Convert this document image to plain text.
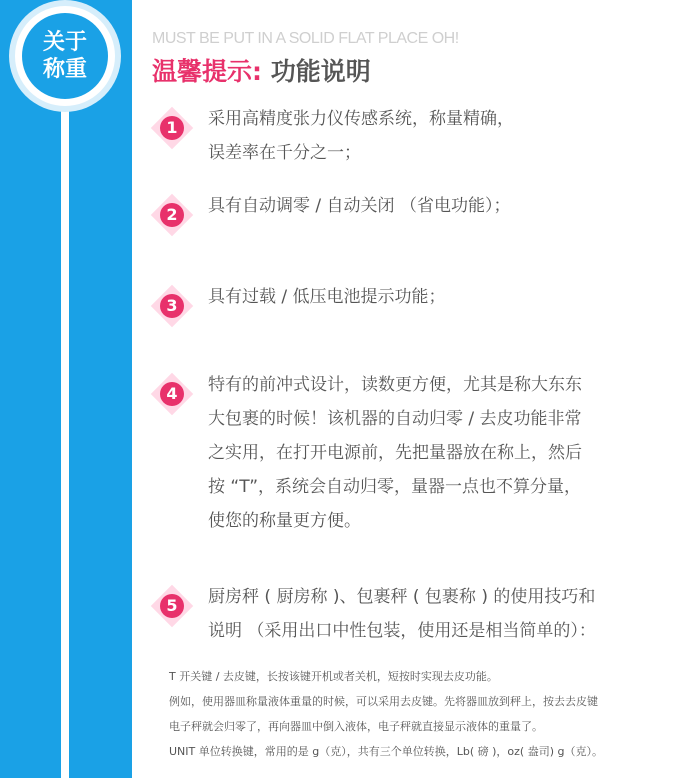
关于
称重
MUST BE PUT IN A SOLID FLAT PLACE OH!
温馨提示: 功能说明
1	采用高精度张力仪传感系统，称量精确，
误差率在千分之一；
2	具有自动调零 / 自动关闭 （省电功能）；
3	具有过载 / 低压电池提示功能；
4	特有的前冲式设计，读数更方便，尤其是称大东东
大包裹的时候！该机器的自动归零 / 去皮功能非常
之实用，在打开电源前，先把量器放在称上，然后
按 “T”，系统会自动归零，量器一点也不算分量，
使您的称量更方便。
5	厨房秤 ( 厨房称 )、包裹秤 ( 包裹称 ) 的使用技巧和
说明 （采用出口中性包装，使用还是相当简单的）：
T 开关键 / 去皮键，长按该键开机或者关机，短按时实现去皮功能。
例如，使用器皿称量液体重量的时候，可以采用去皮键。先将器皿放到秤上，按去去皮键
电子秤就会归零了，再向器皿中倒入液体，电子秤就直接显示液体的重量了。
UNIT 单位转换键，常用的是 g（克），共有三个单位转换，Lb( 磅 )，oz( 盎司) g（克）。
